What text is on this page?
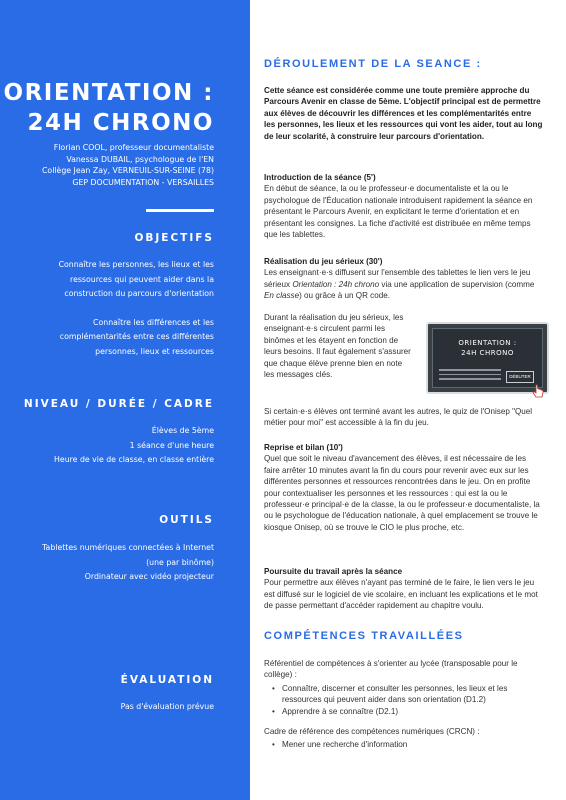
ORIENTATION :
24H CHRONO
Florian COOL, professeur documentaliste
Vanessa DUBAIL, psychologue de l'EN
Collège Jean Zay, VERNEUIL-SUR-SEINE (78)
GEP DOCUMENTATION - VERSAILLES
OBJECTIFS

Connaître les personnes, les lieux et les

ressources qui peuvent aider dans la

construction du parcours d'orientation

Connaître les différences et les

complémentarités entre ces différentes

personnes, lieux et ressources

NIVEAU / DURÉE / CADRE

Élèves de 5ème

1 séance d'une heure

Heure de vie de classe, en classe entière

OUTILS

Tablettes numériques connectées à Internet

(une par binôme)

Ordinateur avec vidéo projecteur

ÉVALUATION

Pas d'évaluation prévue

DÉROULEMENT DE LA SEANCE :
Cette séance est considérée comme une toute première approche du Parcours Avenir en classe de 5ème. L'objectif principal est de permettre aux élèves de découvrir les différences et les complémentarités entre les personnes, les lieux et les ressources qui vont les aider, tout au long de leur scolarité, à construire leur parcours d'orientation.

Introduction de la séance (5')

En début de séance, la ou le professeur·e documentaliste et la ou le psychologue de l'Éducation nationale introduisent rapidement la séance en présentant le Parcours Avenir, en explicitant le terme d'orientation et en présentant les consignes. La fiche d'activité est distribuée en même temps que les tablettes.

Réalisation du jeu sérieux (30')

Les enseignant·e·s diffusent sur l'ensemble des tablettes le lien vers le jeu sérieux Orientation : 24h chrono via une application de supervision (comme En classe) ou grâce à un QR code.

Durant la réalisation du jeu sérieux, les enseignant·e·s circulent parmi les binômes et les étayent en fonction de leurs besoins. Il faut également s'assurer que chaque élève prenne bien en note les messages clés.
ORIENTATION :
24H CHRONO
DÉBUTER
Si certain·e·s élèves ont terminé avant les autres, le quiz de l'Onisep "Quel métier pour moi" est accessible à la fin du jeu.

Reprise et bilan (10')

Quel que soit le niveau d'avancement des élèves, il est nécessaire de les faire arrêter 10 minutes avant la fin du cours pour revenir avec eux sur les différentes personnes et ressources rencontrées dans le jeu. On en profite pour contextualiser les personnes et les ressources : qui est la ou le professeur·e principal·e de la classe, la ou le professeur·e documentaliste, la ou le psychologue de l'éducation nationale, à quel emplacement se trouve le kiosque Onisep, où se trouve le CIO le plus proche, etc.

Poursuite du travail après la séance

Pour permettre aux élèves n'ayant pas terminé de le faire, le lien vers le jeu est diffusé sur le logiciel de vie scolaire, en incluant les explications et le mot de passe permettant d'accéder rapidement au chapitre voulu.

COMPÉTENCES TRAVAILLÉES

Référentiel de compétences à s'orienter au lycée (transposable pour le collège) :

• Connaître, discerner et consulter les personnes, les lieux et les ressources qui peuvent aider dans son orientation (D1.2)
• Apprendre à se connaître (D2.1)

Cadre de référence des compétences numériques (CRCN) :

• Mener une recherche d'information
